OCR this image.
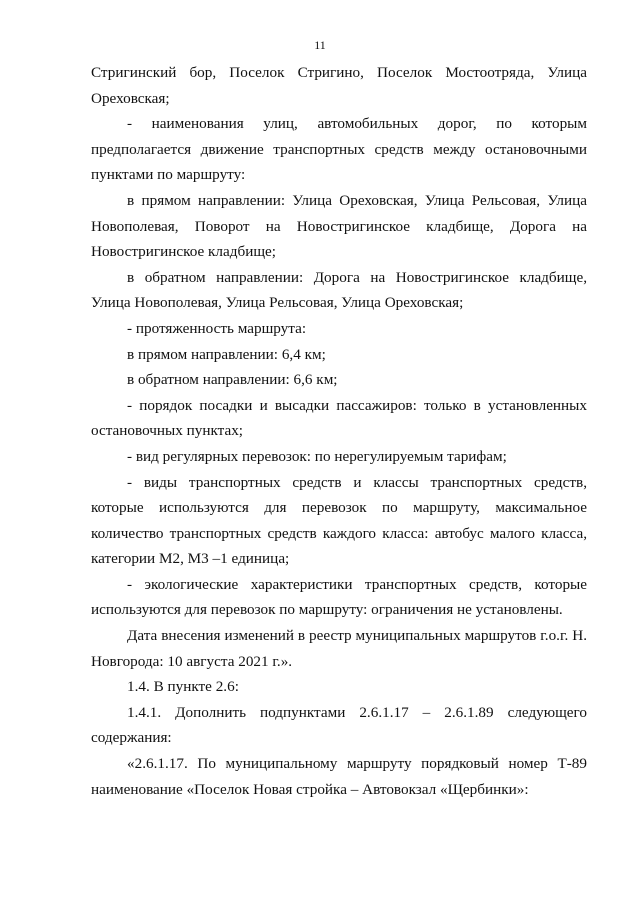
11

Стригинский бор, Поселок Стригино, Поселок Мостоотряда, Улица Ореховская;

- наименования улиц, автомобильных дорог, по которым предполагается движение транспортных средств между остановочными пунктами по маршруту:

в прямом направлении: Улица Ореховская, Улица Рельсовая, Улица Новополевая, Поворот на Новостригинское кладбище, Дорога на Новостригинское кладбище;

в обратном направлении: Дорога на Новостригинское кладбище, Улица Новополевая, Улица Рельсовая, Улица Ореховская;

- протяженность маршрута:

в прямом направлении: 6,4 км;

в обратном направлении: 6,6 км;

- порядок посадки и высадки пассажиров: только в установленных остановочных пунктах;

- вид регулярных перевозок: по нерегулируемым тарифам;

- виды транспортных средств и классы транспортных средств, которые используются для перевозок по маршруту, максимальное количество транспортных средств каждого класса: автобус малого класса, категории М2, М3 –1 единица;

- экологические характеристики транспортных средств, которые используются для перевозок по маршруту: ограничения не установлены.

Дата внесения изменений в реестр муниципальных маршрутов г.о.г. Н. Новгорода: 10 августа 2021 г.».

1.4. В пункте 2.6:

1.4.1. Дополнить подпунктами 2.6.1.17 – 2.6.1.89 следующего содержания:

«2.6.1.17. По муниципальному маршруту порядковый номер Т-89 наименование «Поселок Новая стройка – Автовокзал «Щербинки»:
